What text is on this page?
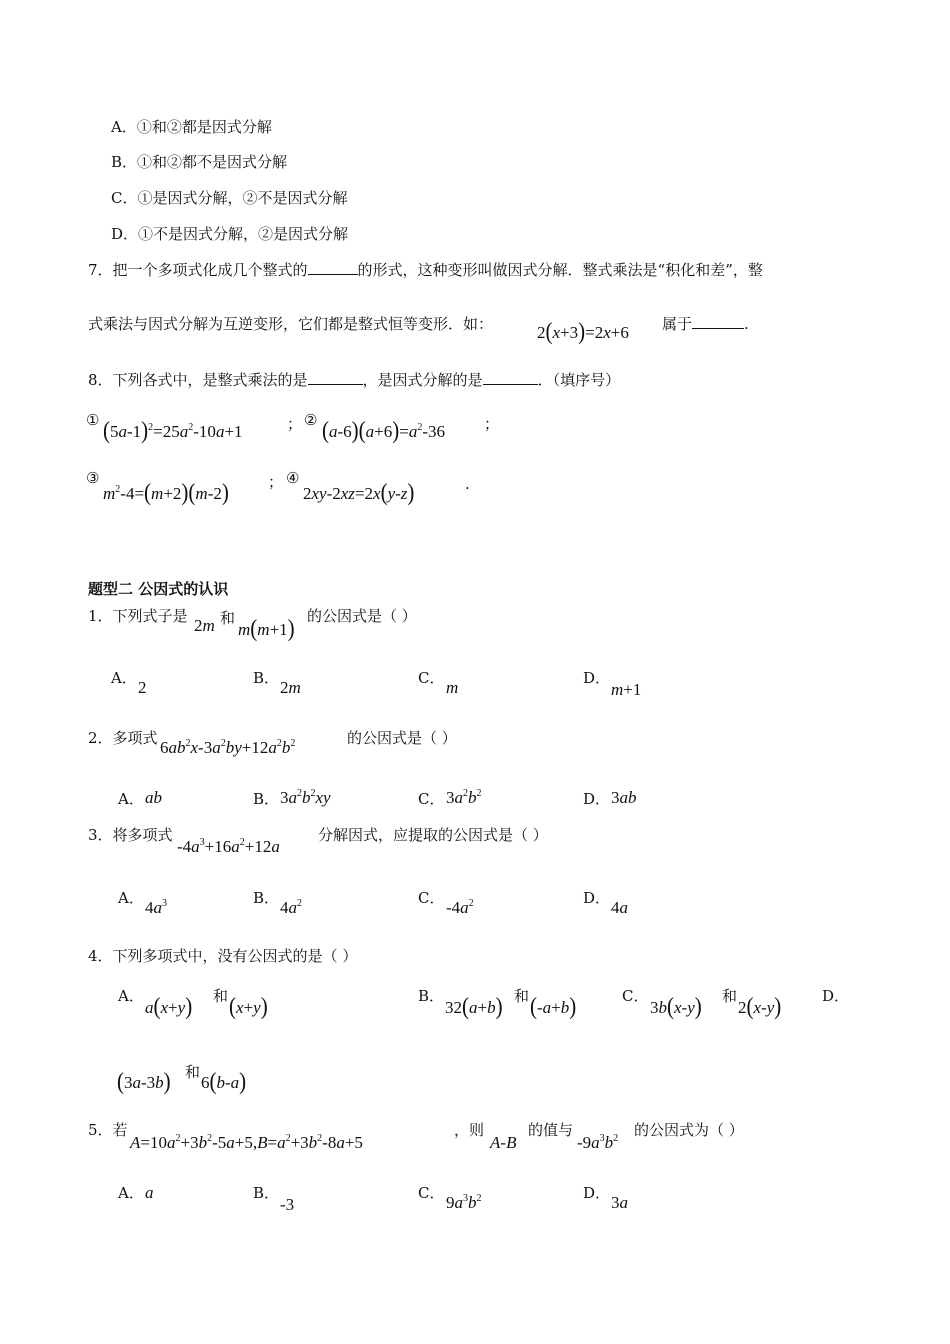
A．①和②都是因式分解
B．①和②都不是因式分解
C．①是因式分解，②不是因式分解
D．①不是因式分解，②是因式分解
7．把一个多项式化成几个整式的	的形式，这种变形叫做因式分解．整式乘法是“积化和差”，整
式乘法与因式分解为互逆变形，它们都是整式恒等变形．如：	2(x+3)=2x+6 属于	.
8．下列各式中，是整式乘法的是	，是因式分解的是	．（填序号）
① $(5a-1)^2=25a^2-10a+1$	； ② $(a-6)(a+6)=a^2-36$	；
③
$m^2-4=(m+2)(m-2)$	； ④
2xy-2xz=2x(y-z)	.
题型二 公因式的认识
1．下列式子是 2m 和
m(m+1) 的公因式是（ ）
A． 2	B． 2m	C． m	D．
m+1
2．多项式 $6ab^2x-3a^2by+12a^2b^2$	的公因式是（ ）
A． ab	B． $3a^2b^2xy$	C． $3a^2b^2$	D． 3ab
3．将多项式
$-4a^3+16a^2+12a$
分解因式，应提取的公因式是（ ）
A． $4a^3$	B． $4a^2$	C． $-4a^2$	D． 4a
4．下列多项式中，没有公因式的是（ ）
A．
a(x+y) 和 (x+y)	B．
32(a+b) 和 (-a+b)	C．
3b(x-y) 和
2(x-y)	D．
(3a-3b) 和
6(b-a)
5．若
$A=10a^2+3b^2-5a+5,B=a^2+3b^2-8a+5$
，则
A-B
的值与
$-9a^3b^2$ 的公因式为（ ）
A． a	B．
-3
C． $9a^3b^2$	D． 3a
